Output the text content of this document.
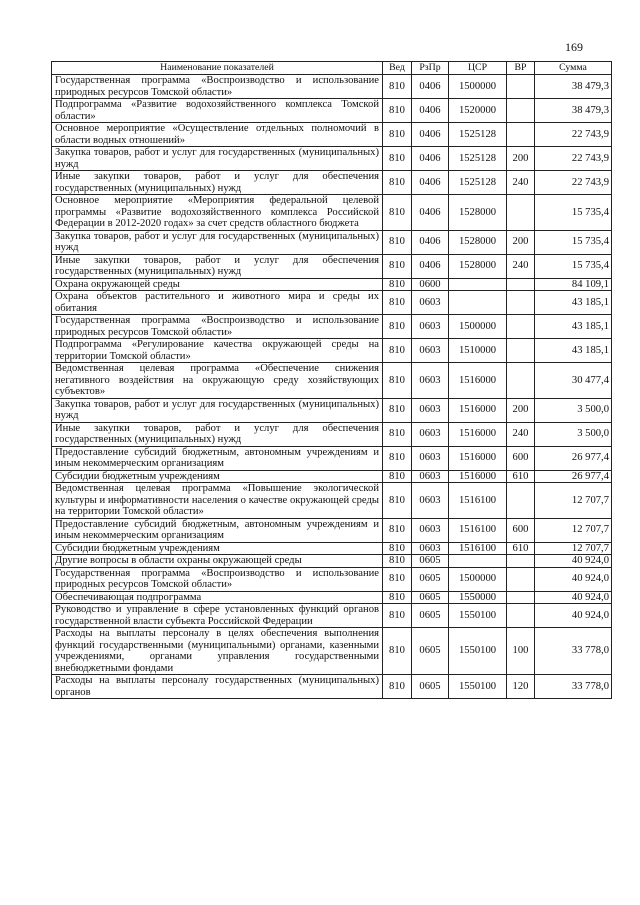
169
Наименование показателей	Вед	РзПр	ЦСР	ВР	Сумма
Государственная программа «Воспроизводство и использование природных ресурсов Томской области»	810	0406	1500000		38 479,3
Подпрограмма «Развитие водохозяйственного комплекса Томской области»	810	0406	1520000		38 479,3
Основное мероприятие «Осуществление отдельных полномочий в области водных отношений»	810	0406	1525128		22 743,9
Закупка товаров, работ и услуг для государственных (муниципальных) нужд	810	0406	1525128	200	22 743,9
Иные закупки товаров, работ и услуг для обеспечения государственных (муниципальных) нужд	810	0406	1525128	240	22 743,9
Основное мероприятие «Мероприятия федеральной целевой программы «Развитие водохозяйственного комплекса Российской Федерации в 2012-2020 годах» за счет средств областного бюджета	810	0406	1528000		15 735,4
Закупка товаров, работ и услуг для государственных (муниципальных) нужд	810	0406	1528000	200	15 735,4
Иные закупки товаров, работ и услуг для обеспечения государственных (муниципальных) нужд	810	0406	1528000	240	15 735,4
Охрана окружающей среды	810	0600			84 109,1
Охрана объектов растительного и животного мира и среды их обитания	810	0603			43 185,1
Государственная программа «Воспроизводство и использование природных ресурсов Томской области»	810	0603	1500000		43 185,1
Подпрограмма «Регулирование качества окружающей среды на территории Томской области»	810	0603	1510000		43 185,1
Ведомственная целевая программа «Обеспечение снижения негативного воздействия на окружающую среду хозяйствующих субъектов»	810	0603	1516000		30 477,4
Закупка товаров, работ и услуг для государственных (муниципальных) нужд	810	0603	1516000	200	3 500,0
Иные закупки товаров, работ и услуг для обеспечения государственных (муниципальных) нужд	810	0603	1516000	240	3 500,0
Предоставление субсидий бюджетным, автономным учреждениям и иным некоммерческим организациям	810	0603	1516000	600	26 977,4
Субсидии бюджетным учреждениям	810	0603	1516000	610	26 977,4
Ведомственная целевая программа «Повышение экологической культуры и информативности населения о качестве окружающей среды на территории Томской области»	810	0603	1516100		12 707,7
Предоставление субсидий бюджетным, автономным учреждениям и иным некоммерческим организациям	810	0603	1516100	600	12 707,7
Субсидии бюджетным учреждениям	810	0603	1516100	610	12 707,7
Другие вопросы в области охраны окружающей среды	810	0605			40 924,0
Государственная программа «Воспроизводство и использование природных ресурсов Томской области»	810	0605	1500000		40 924,0
Обеспечивающая подпрограмма	810	0605	1550000		40 924,0
Руководство и управление в сфере установленных функций органов государственной власти субъекта Российской Федерации	810	0605	1550100		40 924,0
Расходы на выплаты персоналу в целях обеспечения выполнения функций государственными (муниципальными) органами, казенными учреждениями, органами управления государственными внебюджетными фондами	810	0605	1550100	100	33 778,0
Расходы на выплаты персоналу государственных (муниципальных) органов	810	0605	1550100	120	33 778,0
